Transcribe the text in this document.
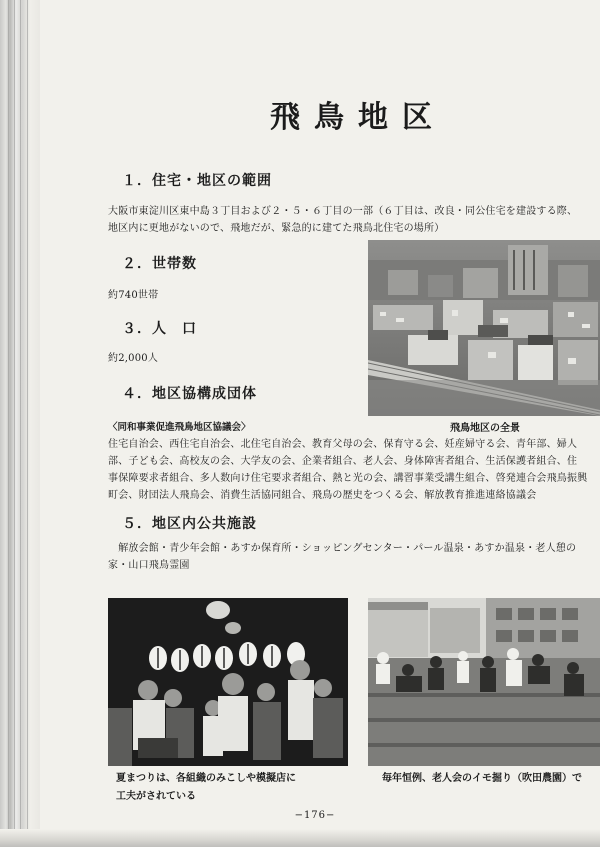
飛鳥地区
１．住宅・地区の範囲
大阪市東淀川区東中島３丁目および２・５・６丁目の一部（６丁目は、改良・同公住宅を建設する際、
地区内に更地がないので、飛地だが、緊急的に建てた飛鳥北住宅の場所）
２．世帯数
約740世帯
３．人　口
約2,000人
飛鳥地区の全景
４．地区協構成団体
〈同和事業促進飛鳥地区協議会〉
住宅自治会、西住宅自治会、北住宅自治会、教育父母の会、保育守る会、妊産婦守る会、青年部、婦人
部、子ども会、高校友の会、大学友の会、企業者組合、老人会、身体障害者組合、生活保護者組合、住
事保障要求者組合、多人数向け住宅要求者組合、熱と光の会、講習事業受講生組合、啓発連合会飛鳥振興
町会、財団法人飛鳥会、消費生活協同組合、飛鳥の歴史をつくる会、解放教育推進連絡協議会
５．地区内公共施設
　解放会館・青少年会館・あすか保育所・ショッピングセンター・パール温泉・あすか温泉・老人憩の
家・山口飛鳥霊園
夏まつりは、各組織のみこしや模擬店に
工夫がされている
毎年恒例、老人会のイモ掘り（吹田農園）で
−176−
